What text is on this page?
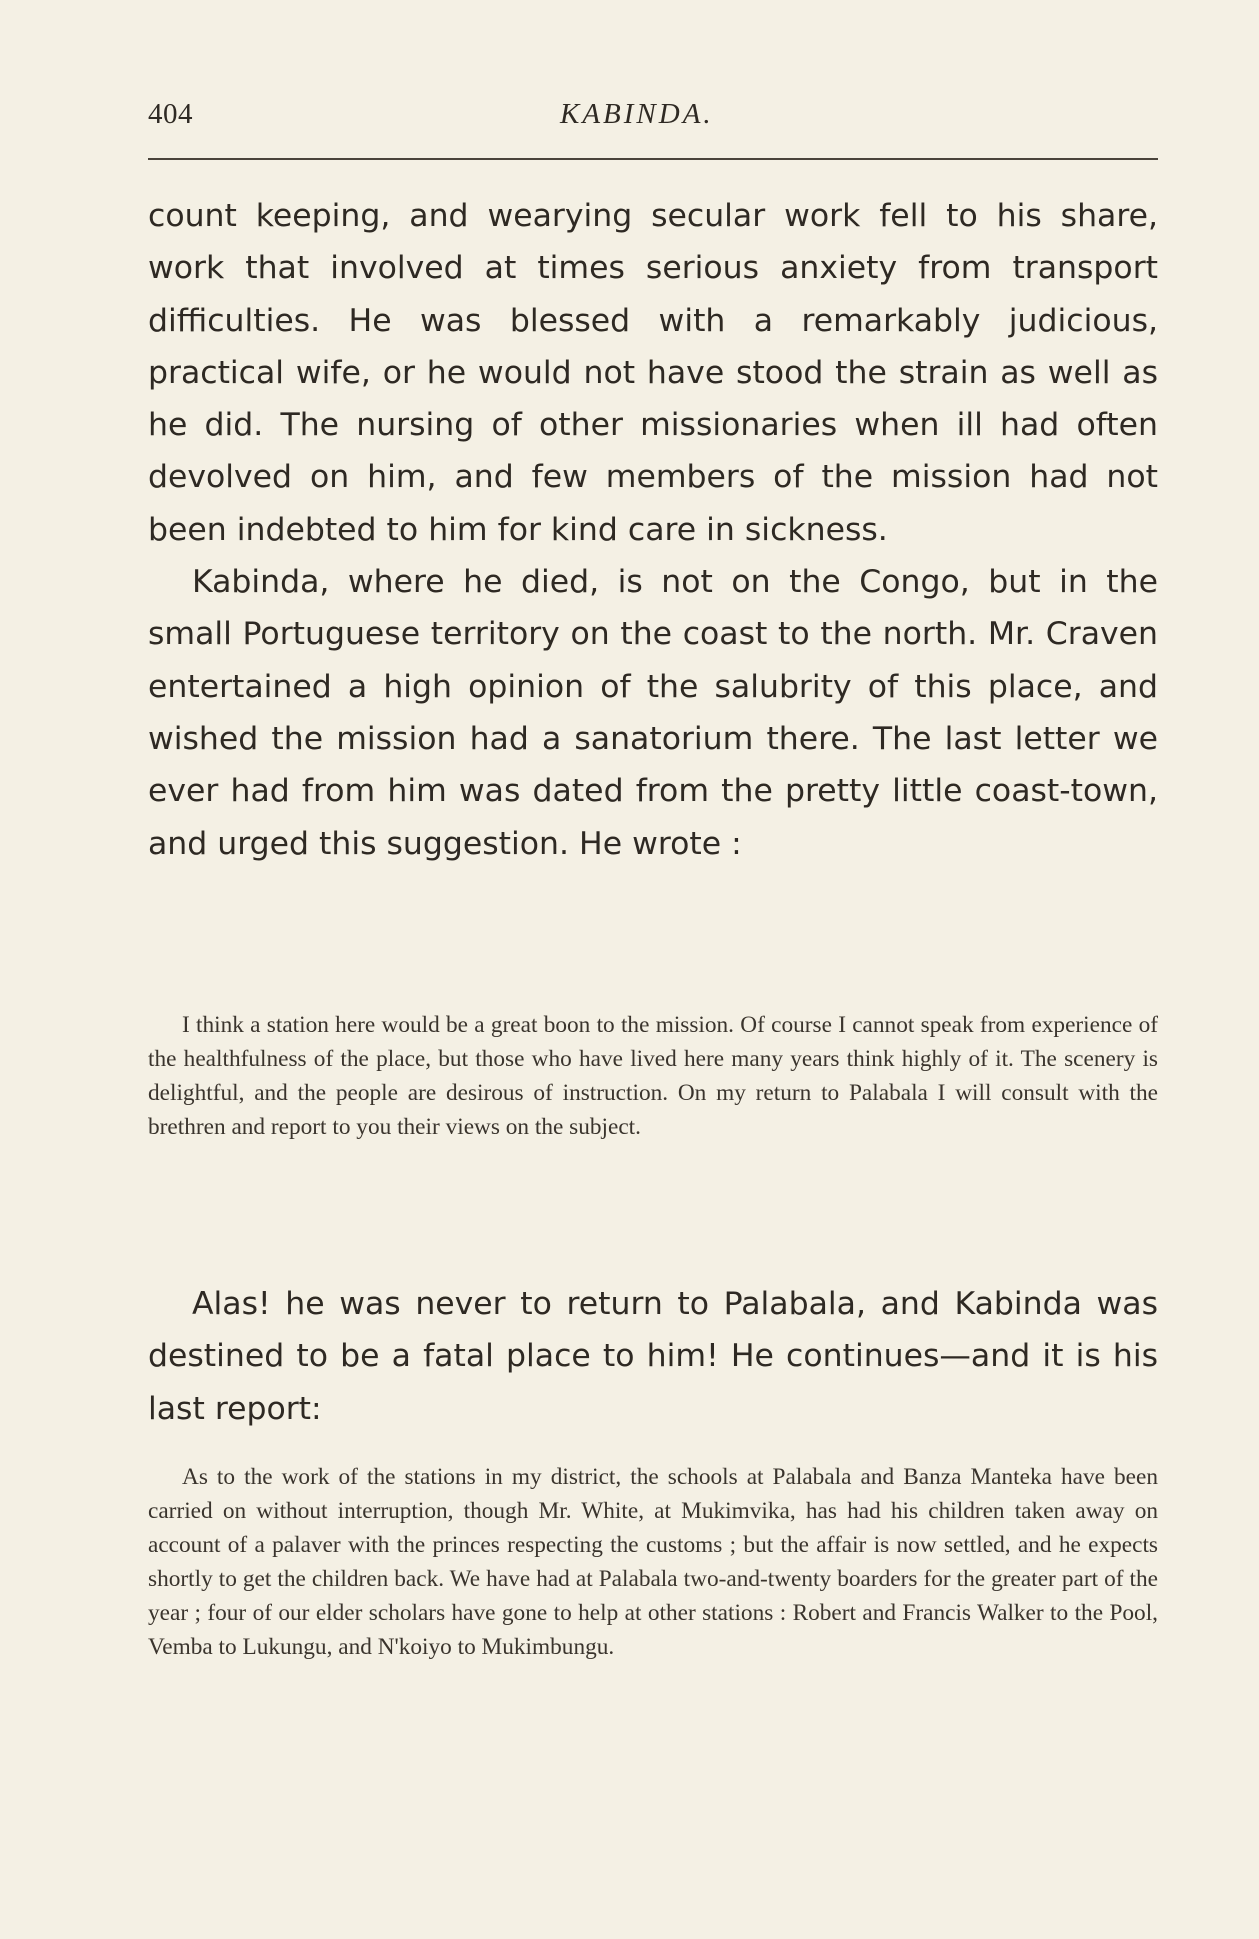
404	KABINDA.

count keeping, and wearying secular work fell to his share, work that involved at times serious anxiety from transport difficulties. He was blessed with a remarkably judicious, practical wife, or he would not have stood the strain as well as he did. The nursing of other missionaries when ill had often devolved on him, and few members of the mission had not been indebted to him for kind care in sickness.

Kabinda, where he died, is not on the Congo, but in the small Portuguese territory on the coast to the north. Mr. Craven entertained a high opinion of the salubrity of this place, and wished the mission had a sanatorium there. The last letter we ever had from him was dated from the pretty little coast-town, and urged this suggestion. He wrote :

I think a station here would be a great boon to the mission. Of course I cannot speak from experience of the healthfulness of the place, but those who have lived here many years think highly of it. The scenery is delightful, and the people are desirous of instruction. On my return to Palabala I will consult with the brethren and report to you their views on the subject.

Alas! he was never to return to Palabala, and Kabinda was destined to be a fatal place to him! He continues—and it is his last report:

As to the work of the stations in my district, the schools at Palabala and Banza Manteka have been carried on without interruption, though Mr. White, at Mukimvika, has had his children taken away on account of a palaver with the princes respecting the customs ; but the affair is now settled, and he expects shortly to get the children back. We have had at Palabala two-and-twenty boarders for the greater part of the year ; four of our elder scholars have gone to help at other stations : Robert and Francis Walker to the Pool, Vemba to Lukungu, and N'koiyo to Mukimbungu.
